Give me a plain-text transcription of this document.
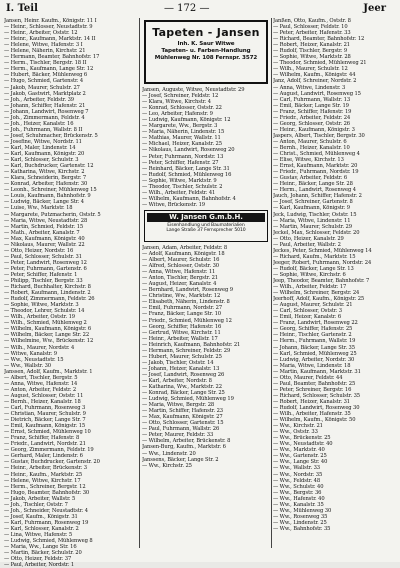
I. Teil	— 172 —	Jeer
Jansen, Heinr. Kaufm., Königstr. 11 I
— Heinr., Schlosser, Neustadtstr. 9
— Heinr., Arbeiter, Oststr. 12
— Heinr., Kaufmann, Marktstr. 14 II
— Helene, Witwe, Hafenstr. 3 I
— Helene, Näherin, Kirchstr. 21
— Hermann, Beamter, Bahnhofstr. 17
— Herm., Tischler, Bergstr. 18 II
— Herm., Kaufmann, Lange Str. 12
— Hubert, Bäcker, Mühlenweg 6
— Hugo, Schmied, Gartenstr. 4
— Jakob, Maurer, Schulstr. 27
— Jakob, Gastwirt, Marktplatz 2
— Joh., Arbeiter, Feldstr. 39
— Johann, Schiffer, Hafenstr. 21
— Johann, Landwirt, Rosenweg 7
— Joh., Zimmermann, Feldstr. 4
— Joh., Heizer, Kanalstr. 16
— Joh., Fuhrmann, Wallstr. 8 II
— Josef, Schuhmacher, Brückenstr. 5
— Josefine, Witwe, Nordstr. 11
— Karl, Maler, Lindenstr. 14
— Karl, Kaufmann, Königstr. 20
— Karl, Schlosser, Schulstr. 3
— Karl, Buchdrucker, Gartenstr. 12
— Katharina, Witwe, Kirchstr. 2
— Klara, Schneiderin, Bergstr. 7
— Konrad, Arbeiter, Hafenstr. 30
— Leonh., Schreiner, Mühlenweg 15
— Louis, Kaufmann, Bahnhofstr. 9
— Ludwig, Bäcker, Lange Str. 4
— Luise, Ww., Marktstr. 18
— Margarete, Putzmacherin, Oststr. 5
— Maria, Witwe, Neustadtstr. 28
— Martin, Schmied, Feldstr. 15
— Math., Arbeiter, Kanalstr. 7
— Max, Kaufmann, Königstr. 40
— Nikolaus, Maurer, Wallstr. 22
— Otto, Heizer, Nordstr. 16
— Paul, Schlosser, Schulstr. 31
— Peter, Landwirt, Rosenweg 12
— Peter, Fuhrmann, Gartenstr. 6
— Peter, Schiffer, Hafenstr. 1
— Philipp, Tischler, Bergstr. 33
— Richard, Buchhalter, Kirchstr. 8
— Robert, Kaufmann, Lindenstr. 2
— Rudolf, Zimmermann, Feldstr. 26
— Sophie, Witwe, Marktstr. 3
— Theodor, Lehrer, Schulstr. 14
— Wilh., Arbeiter, Oststr. 19
— Wilh., Schmied, Mühlenweg 2
— Wilhelm, Kaufmann, Königstr. 6
— Wilhelm, Bäcker, Lange Str. 22
— Wilhelmine, Ww., Brückenstr. 12
— Wilh., Maurer, Nordstr. 4
— Witwe, Kanalstr. 9
— Ww., Neustadtstr. 15
— Ww., Wallstr. 30
Janssen, Adolf, Kaufm., Marktstr. 1
— Albert, Tischler, Bergstr. 5
— Anna, Witwe, Hafenstr. 14
— Anton, Arbeiter, Feldstr. 2
— August, Schlosser, Oststr. 11
— Bernh., Heizer, Kanalstr. 18
— Carl, Fuhrmann, Rosenweg 3
— Christian, Maurer, Schulstr. 9
— Dietrich, Bäcker, Lange Str. 7
— Emil, Kaufmann, Königstr. 15
— Ernst, Schmied, Mühlenweg 10
— Franz, Schiffer, Hafenstr. 8
— Friedr., Landwirt, Nordstr. 21
— Georg, Zimmermann, Feldstr. 19
— Gerhard, Maler, Lindenstr. 6
— Gustav, Buchdrucker, Gartenstr. 20
— Heinr., Arbeiter, Brückenstr. 3
— Heinr., Kaufm., Marktstr. 25
— Helene, Witwe, Kirchstr. 17
— Herm., Schreiner, Bergstr. 12
— Hugo, Beamter, Bahnhofstr. 30
— Jakob, Arbeiter, Wallstr. 5
— Joh., Tischler, Oststr. 7
— Joh., Schneider, Neustadtstr. 4
— Josef, Kaufm., Königstr. 31
— Karl, Fuhrmann, Rosenweg 19
— Karl, Schlosser, Kanalstr. 2
— Lina, Witwe, Hafenstr. 5
— Ludwig, Schmied, Mühlenweg 8
— Maria, Ww., Lange Str. 16
— Martin, Bäcker, Schulstr. 20
— Otto, Heizer, Feldstr. 37
— Paul, Arbeiter, Nordstr. 1
Tapeten - Jansen
Inh. K. Saur Witwe
Tapeten- u. Farben-Handlung
Mühlenweg Nr. 108 Fernspr. 3572
Jansen, Auguste, Witwe, Neustadtstr. 29
— Josef, Schreiner, Feldstr. 12
— Klara, Witwe, Kirchstr. 4
— Konrad, Schlosser, Oststr. 22
— Leo, Arbeiter, Hafenstr. 9
— Ludwig, Kaufmann, Königstr. 12
— Margarete, Ww., Bergstr. 3
— Maria, Näherin, Lindenstr. 15
— Mathias, Maurer, Wallstr. 11
— Michael, Heizer, Kanalstr. 25
— Nikolaus, Landwirt, Rosenweg 20
— Peter, Fuhrmann, Nordstr. 13
— Peter, Schiffer, Hafenstr. 27
— Reinhard, Bäcker, Lange Str. 31
— Rudolf, Schmied, Mühlenweg 16
— Sophie, Witwe, Marktstr. 9
— Theodor, Tischler, Schulstr. 2
— Wilh., Arbeiter, Feldstr. 41
— Wilhelm, Kaufmann, Bahnhofstr. 4
— Witwe, Brückenstr. 19
W. Jansen G.m.b.H.
Eisenhandlung und Baumaterialien
Lange Straße 37 Fernsprecher 5010
Jansen, Adam, Arbeiter, Feldstr. 8
— Adolf, Kaufmann, Königstr. 18
— Albert, Maurer, Schulstr. 16
— Alfred, Schlosser, Oststr. 30
— Anna, Witwe, Hafenstr. 11
— Anton, Tischler, Bergstr. 21
— August, Heizer, Kanalstr. 4
— Bernhard, Landwirt, Rosenweg 9
— Christine, Ww., Marktstr. 12
— Elisabeth, Näherin, Lindenstr. 8
— Emil, Fuhrmann, Nordstr. 27
— Franz, Bäcker, Lange Str. 10
— Friedr., Schmied, Mühlenweg 12
— Georg, Schiffer, Hafenstr. 16
— Gertrud, Witwe, Kirchstr. 11
— Heinr., Arbeiter, Wallstr. 17
— Heinrich, Kaufmann, Bahnhofstr. 21
— Hermann, Schreiner, Feldstr. 29
— Hubert, Maurer, Schulstr. 25
— Jakob, Tischler, Oststr. 14
— Johann, Heizer, Kanalstr. 13
— Josef, Landwirt, Rosenweg 26
— Karl, Arbeiter, Nordstr. 8
— Katharina, Ww., Marktstr. 22
— Konrad, Bäcker, Lange Str. 25
— Ludwig, Schmied, Mühlenweg 19
— Maria, Witwe, Bergstr. 28
— Martin, Schiffer, Hafenstr. 23
— Max, Kaufmann, Königstr. 27
— Otto, Schlosser, Gartenstr. 15
— Paul, Fuhrmann, Wallstr. 26
— Peter, Maurer, Feldstr. 33
— Wilhelm, Arbeiter, Brückenstr. 8
Jansen-Burg, Kaufm., Marktstr. 6
— Ww., Lindenstr. 20
Janssens, Bäcker, Lange Str. 2
— Ww., Kirchstr. 25
Janßen, Otto, Kaufm., Oststr. 8
— Paul, Schlosser, Feldstr. 10
— Peter, Arbeiter, Hafenstr. 33
— Richard, Beamter, Bahnhofstr. 12
— Robert, Heizer, Kanalstr. 21
— Rudolf, Tischler, Bergstr. 9
— Sophie, Witwe, Marktstr. 28
— Theodor, Schmied, Mühlenweg 21
— Wilh., Maurer, Schulstr. 12
— Wilhelm, Kaufm., Königstr. 44
Janz, Adolf, Schreiner, Nordstr. 2
— Anna, Witwe, Lindenstr. 3
— August, Landwirt, Rosenweg 15
— Carl, Fuhrmann, Wallstr. 13
— Emil, Bäcker, Lange Str. 19
— Franz, Schiffer, Hafenstr. 19
— Friedr., Arbeiter, Feldstr. 24
— Georg, Schlosser, Oststr. 26
— Heinr., Kaufmann, Königstr. 3
Jaspers, Albert, Tischler, Bergstr. 30
— Anton, Maurer, Schulstr. 6
— Bernh., Heizer, Kanalstr. 10
— Christ., Schmied, Mühlenweg 4
— Elise, Witwe, Kirchstr. 13
— Ernst, Kaufmann, Marktstr. 20
— Friedr., Fuhrmann, Nordstr. 19
— Gustav, Arbeiter, Feldstr. 6
— Heinr., Bäcker, Lange Str. 28
— Herm., Landwirt, Rosenweg 4
Jauch, Johann, Schiffer, Hafenstr. 2
— Josef, Schreiner, Gartenstr. 8
— Karl, Kaufmann, Königstr. 9
Jeck, Ludwig, Tischler, Oststr. 15
— Maria, Witwe, Lindenstr. 11
— Martin, Maurer, Schulstr. 29
Jeckel, Max, Schlosser, Feldstr. 20
— Otto, Heizer, Kanalstr. 29
— Paul, Arbeiter, Wallstr. 2
Jeckes, Peter, Schmied, Mühlenweg 14
— Richard, Kaufm., Marktstr. 15
Jeeger, Robert, Fuhrmann, Nordstr. 24
— Rudolf, Bäcker, Lange Str. 13
— Sophie, Witwe, Kirchstr. 6
Jeep, Theodor, Beamter, Bahnhofstr. 7
— Wilh., Arbeiter, Feldstr. 17
— Wilhelm, Schreiner, Bergstr. 24
Jeerhoff, Adolf, Kaufm., Königstr. 25
— August, Maurer, Schulstr. 21
— Carl, Schlosser, Oststr. 3
— Emil, Heizer, Kanalstr. 6
— Franz, Landwirt, Rosenweg 22
— Georg, Schiffer, Hafenstr. 25
— Heinr., Tischler, Gartenstr. 2
— Herm., Fuhrmann, Wallstr. 19
— Johann, Bäcker, Lange Str. 35
— Karl, Schmied, Mühlenweg 25
— Ludwig, Arbeiter, Nordstr. 30
— Maria, Witwe, Lindenstr. 18
— Martin, Kaufmann, Marktstr. 31
— Otto, Maurer, Feldstr. 44
— Paul, Beamter, Bahnhofstr. 25
— Peter, Schreiner, Bergstr. 16
— Richard, Schlosser, Schulstr. 35
— Robert, Heizer, Kanalstr. 31
— Rudolf, Landwirt, Rosenweg 30
— Wilh., Arbeiter, Hafenstr. 35
— Wilhelm, Kaufm., Königstr. 50
— Ww., Kirchstr. 21
— Ww., Oststr. 33
— Ww., Brückenstr. 25
— Ww., Neustadtstr. 40
— Ww., Marktstr. 40
— Ww., Gartenstr. 25
— Ww., Lange Str. 40
— Ww., Wallstr. 33
— Ww., Nordstr. 35
— Ww., Feldstr. 48
— Ww., Schulstr. 40
— Ww., Bergstr. 36
— Ww., Hafenstr. 40
— Ww., Kanalstr. 35
— Ww., Mühlenweg 30
— Ww., Rosenweg 35
— Ww., Lindenstr. 25
— Ww., Bahnhofstr. 35
